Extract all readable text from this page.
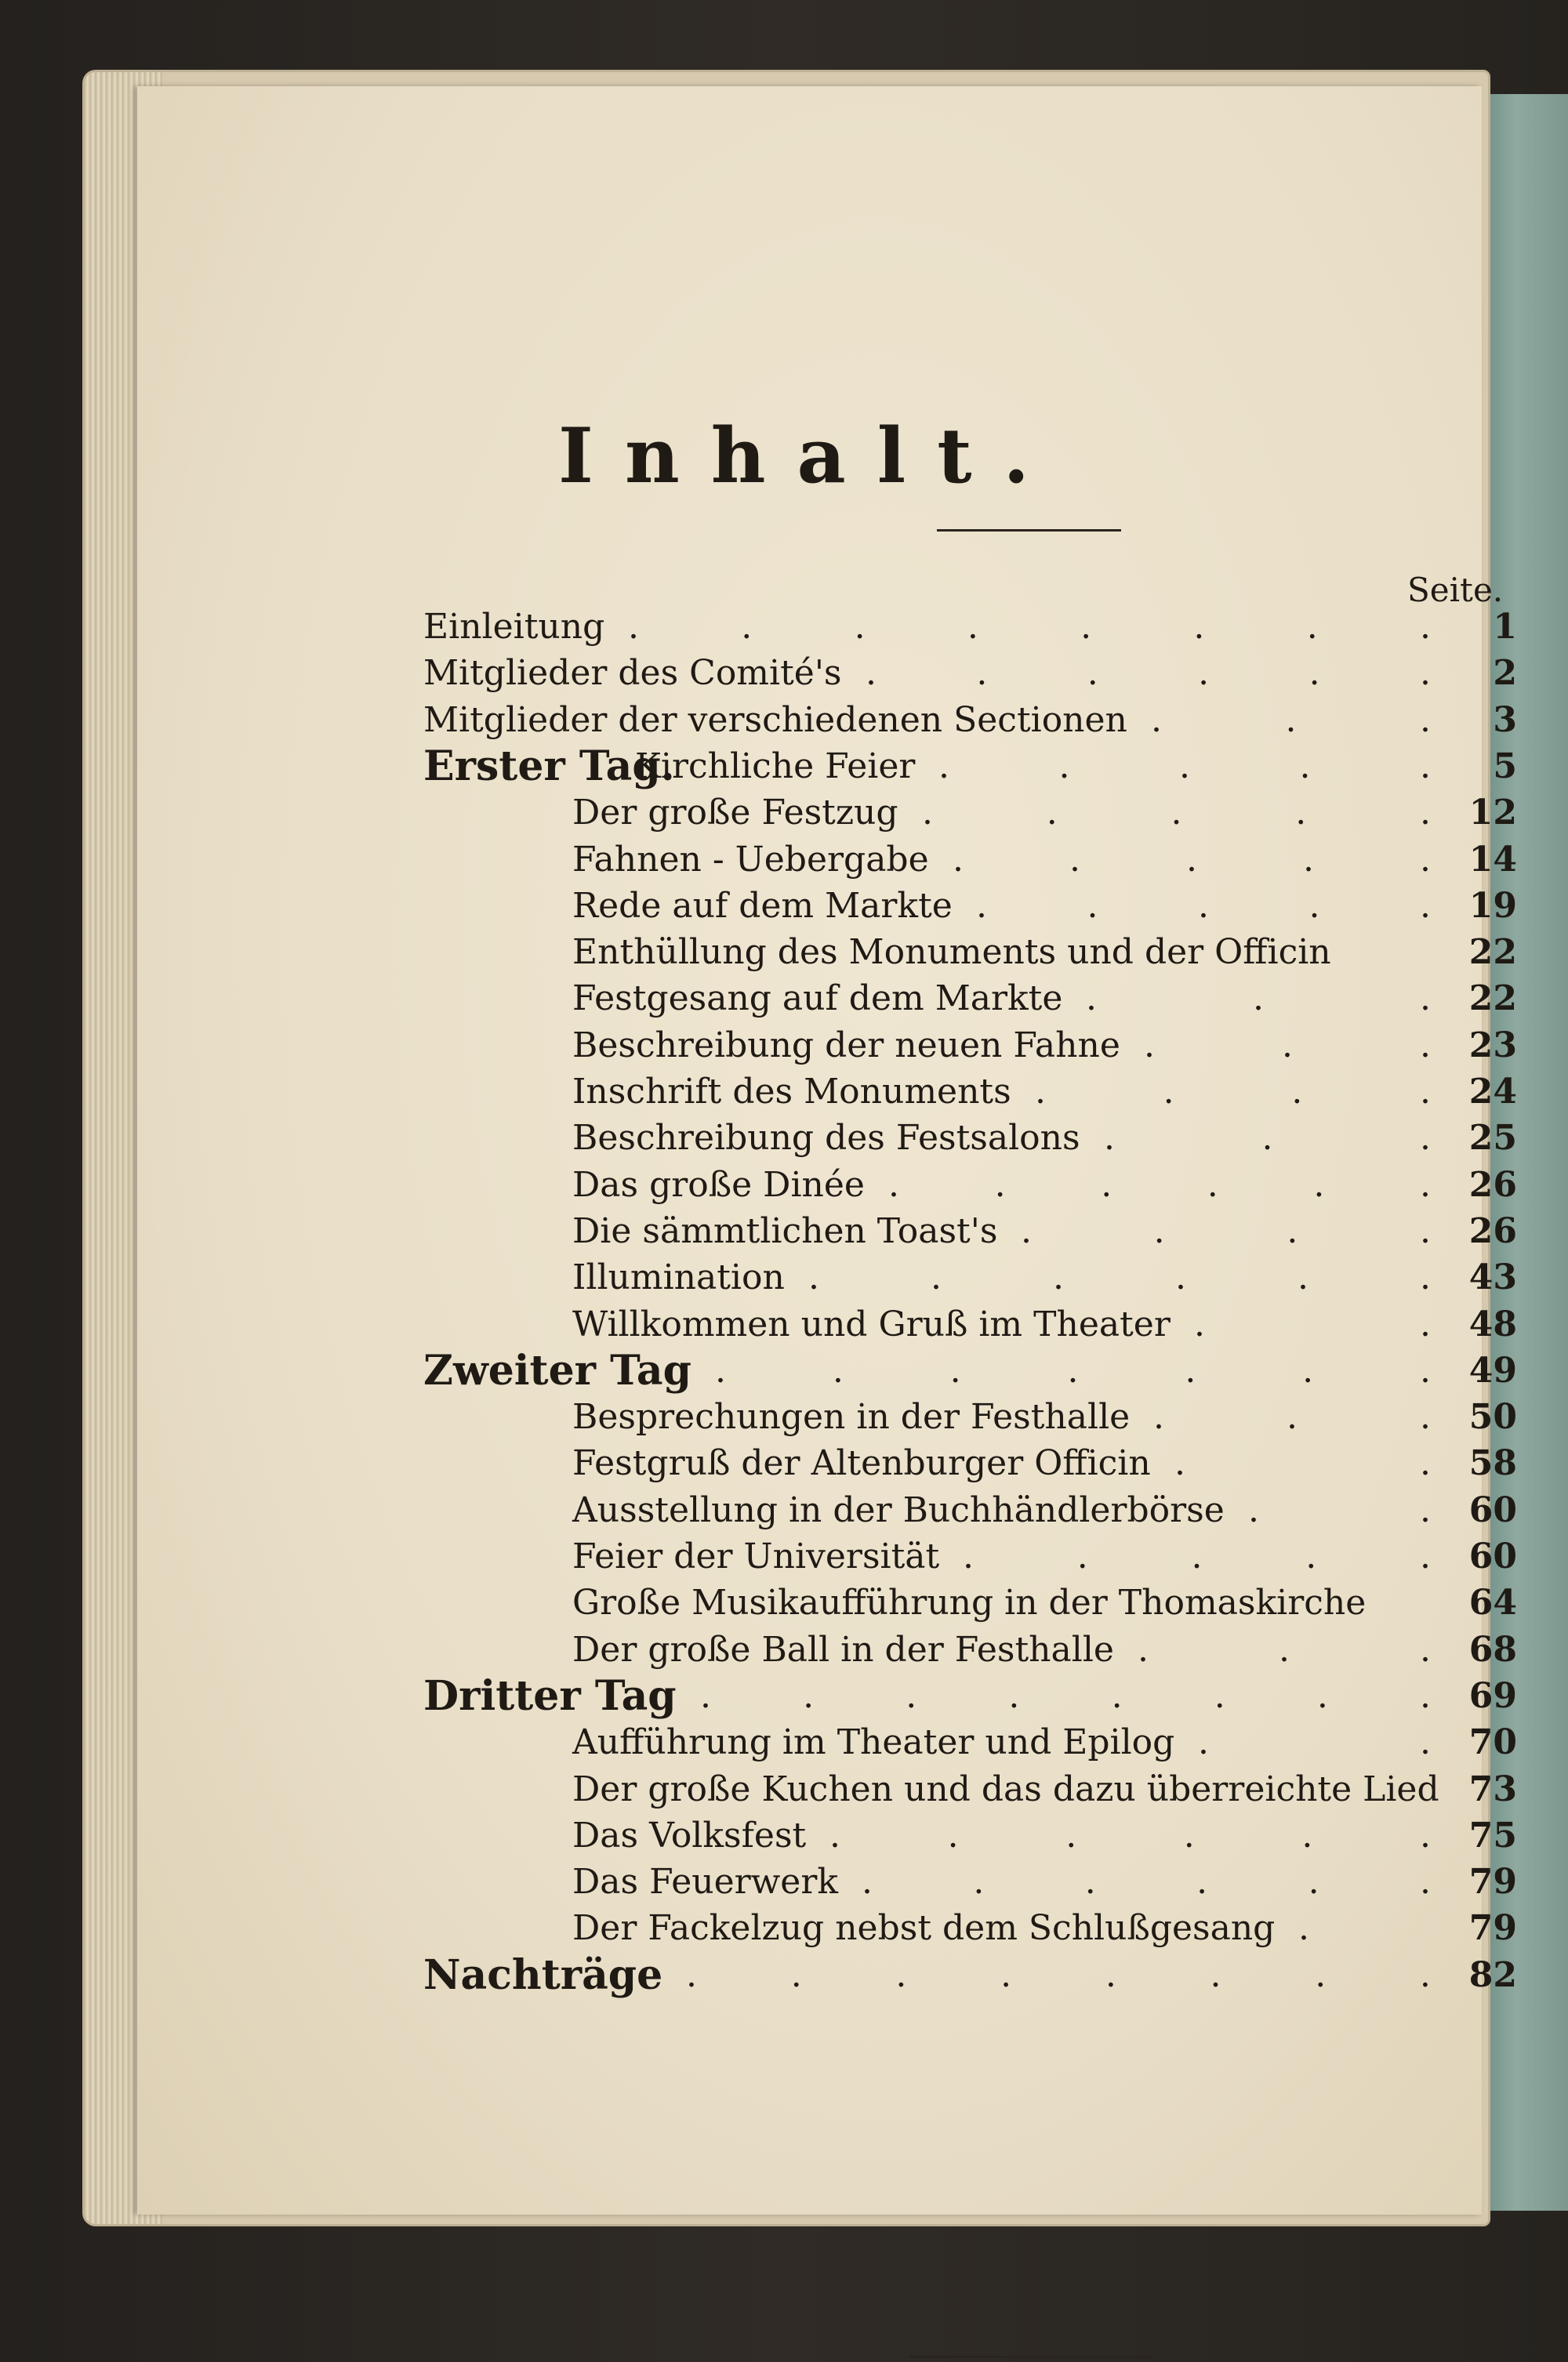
Inhalt.
Seite.
Einleitung .	.	.	.	.	.	.	.	1
Mitglieder des Comité's .	.	.	.	.	.	2
Mitglieder der verschiedenen Sectionen .	.	.	3
Erster Tag.
Kirchliche Feier .	.	.	.	.	5
Der große Festzug .	.	.	.	.	12
Fahnen - Uebergabe .	.	.	.	.	14
Rede auf dem Markte .	.	.	.	.	19
Enthüllung des Monuments und der Officin	22
Festgesang auf dem Markte .	.	.	22
Beschreibung der neuen Fahne .	.	.	23
Inschrift des Monuments .	.	.	.	24
Beschreibung des Festsalons .	.	.	25
Das große Dinée .	.	.	.	.	.	26
Die sämmtlichen Toast's .	.	.	.	26
Illumination .	.	.	.	.	.	43
Willkommen und Gruß im Theater .	.	48
Zweiter Tag .	.	.	.	.	.	.	49
Besprechungen in der Festhalle .	.	.	50
Festgruß der Altenburger Officin .	.	58
Ausstellung in der Buchhändlerbörse .	.	60
Feier der Universität .	.	.	.	.	60
Große Musikaufführung in der Thomaskirche	64
Der große Ball in der Festhalle .	.	.	68
Dritter Tag .	.	.	.	.	.	.	.	69
Aufführung im Theater und Epilog .	.	70
Der große Kuchen und das dazu überreichte Lied 73
Das Volksfest .	.	.	.	.	.	75
Das Feuerwerk .	.	.	.	.	.	79
Der Fackelzug nebst dem Schlußgesang .	79
Nachträge .	.	.	.	.	.	.	.	82
